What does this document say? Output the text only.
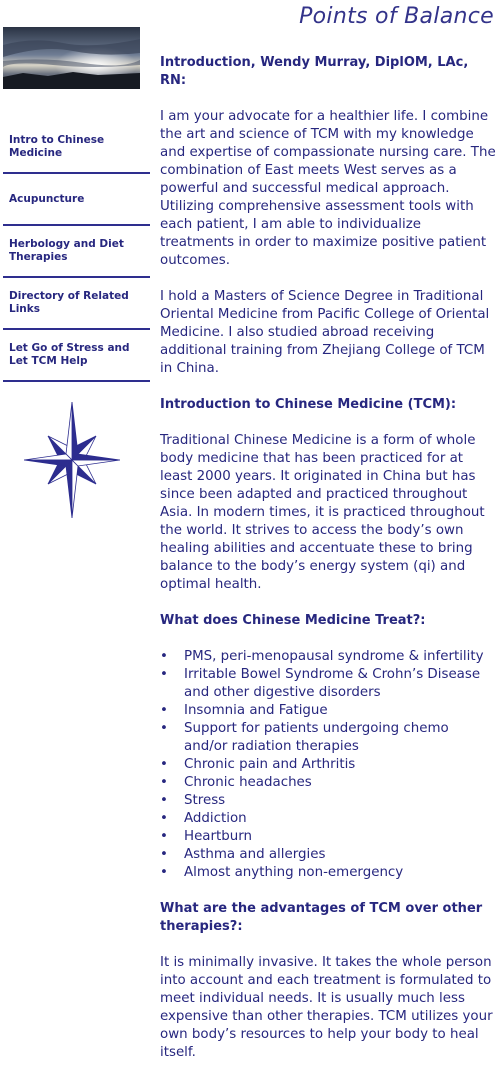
Points of Balance
Intro to Chinese Medicine
Acupuncture
Herbology and Diet Therapies
Directory of Related Links
Let Go of Stress and Let TCM Help
Introduction, Wendy Murray, DiplOM, LAc, RN:

I am your advocate for a healthier life. I combine the art and science of TCM with my knowledge and expertise of compassionate nursing care. The combination of East meets West serves as a powerful and successful medical approach. Utilizing comprehensive assessment tools with each patient, I am able to individualize treatments in order to maximize positive patient outcomes.

I hold a Masters of Science Degree in Traditional Oriental Medicine from Pacific College of Oriental Medicine. I also studied abroad receiving additional training from Zhejiang College of TCM in China.

Introduction to Chinese Medicine (TCM):

Traditional Chinese Medicine is a form of whole body medicine that has been practiced for at least 2000 years. It originated in China but has since been adapted and practiced throughout Asia. In modern times, it is practiced throughout the world. It strives to access the body’s own healing abilities and accentuate these to bring balance to the body’s energy system (qi) and optimal health.

What does Chinese Medicine Treat?:
• PMS, peri-menopausal syndrome & infertility
• Irritable Bowel Syndrome & Crohn’s Disease and other digestive disorders
• Insomnia and Fatigue
• Support for patients undergoing chemo and/or radiation therapies
• Chronic pain and Arthritis
• Chronic headaches
• Stress
• Addiction
• Heartburn
• Asthma and allergies
• Almost anything non-emergency
What are the advantages of TCM over other therapies?:

It is minimally invasive. It takes the whole person into account and each treatment is formulated to meet individual needs. It is usually much less expensive than other therapies. TCM utilizes your own body’s resources to help your body to heal itself.
